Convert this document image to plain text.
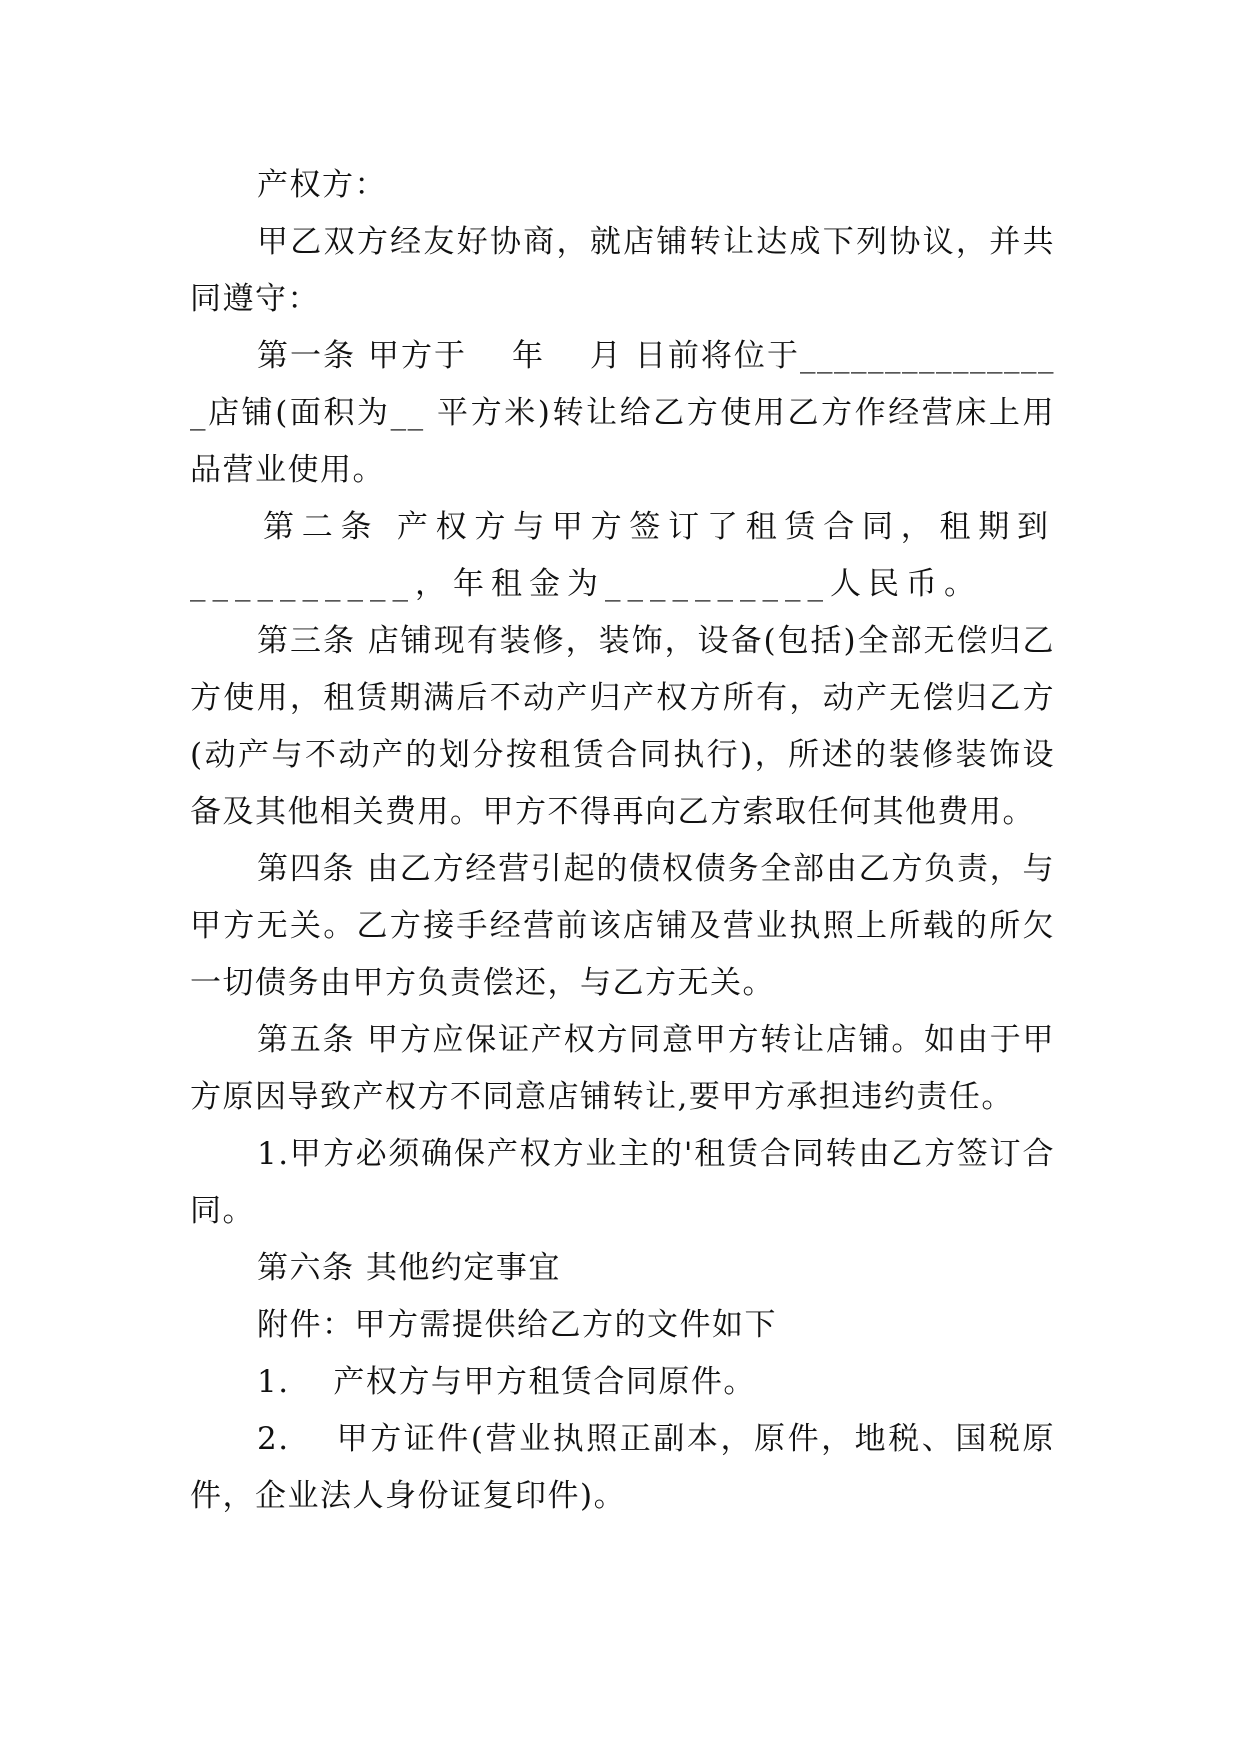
产权方：

甲乙双方经友好协商，就店铺转让达成下列协议，并共同遵守：

第一条 甲方于　 年 　月 日前将位于________________店铺(面积为__ 平方米)转让给乙方使用乙方作经营床上用品营业使用。

第二条 产权方与甲方签订了租赁合同，租期到__________，年租金为__________人民币。

第三条 店铺现有装修，装饰，设备(包括)全部无偿归乙方使用，租赁期满后不动产归产权方所有，动产无偿归乙方(动产与不动产的划分按租赁合同执行)，所述的装修装饰设备及其他相关费用。甲方不得再向乙方索取任何其他费用。

第四条 由乙方经营引起的债权债务全部由乙方负责，与甲方无关。乙方接手经营前该店铺及营业执照上所载的所欠一切债务由甲方负责偿还，与乙方无关。

第五条 甲方应保证产权方同意甲方转让店铺。如由于甲方原因导致产权方不同意店铺转让,要甲方承担违约责任。

1.甲方必须确保产权方业主的'租赁合同转由乙方签订合同。

第六条 其他约定事宜

附件：甲方需提供给乙方的文件如下

1.　 产权方与甲方租赁合同原件。

2.　 甲方证件(营业执照正副本，原件，地税、国税原件，企业法人身份证复印件)。
